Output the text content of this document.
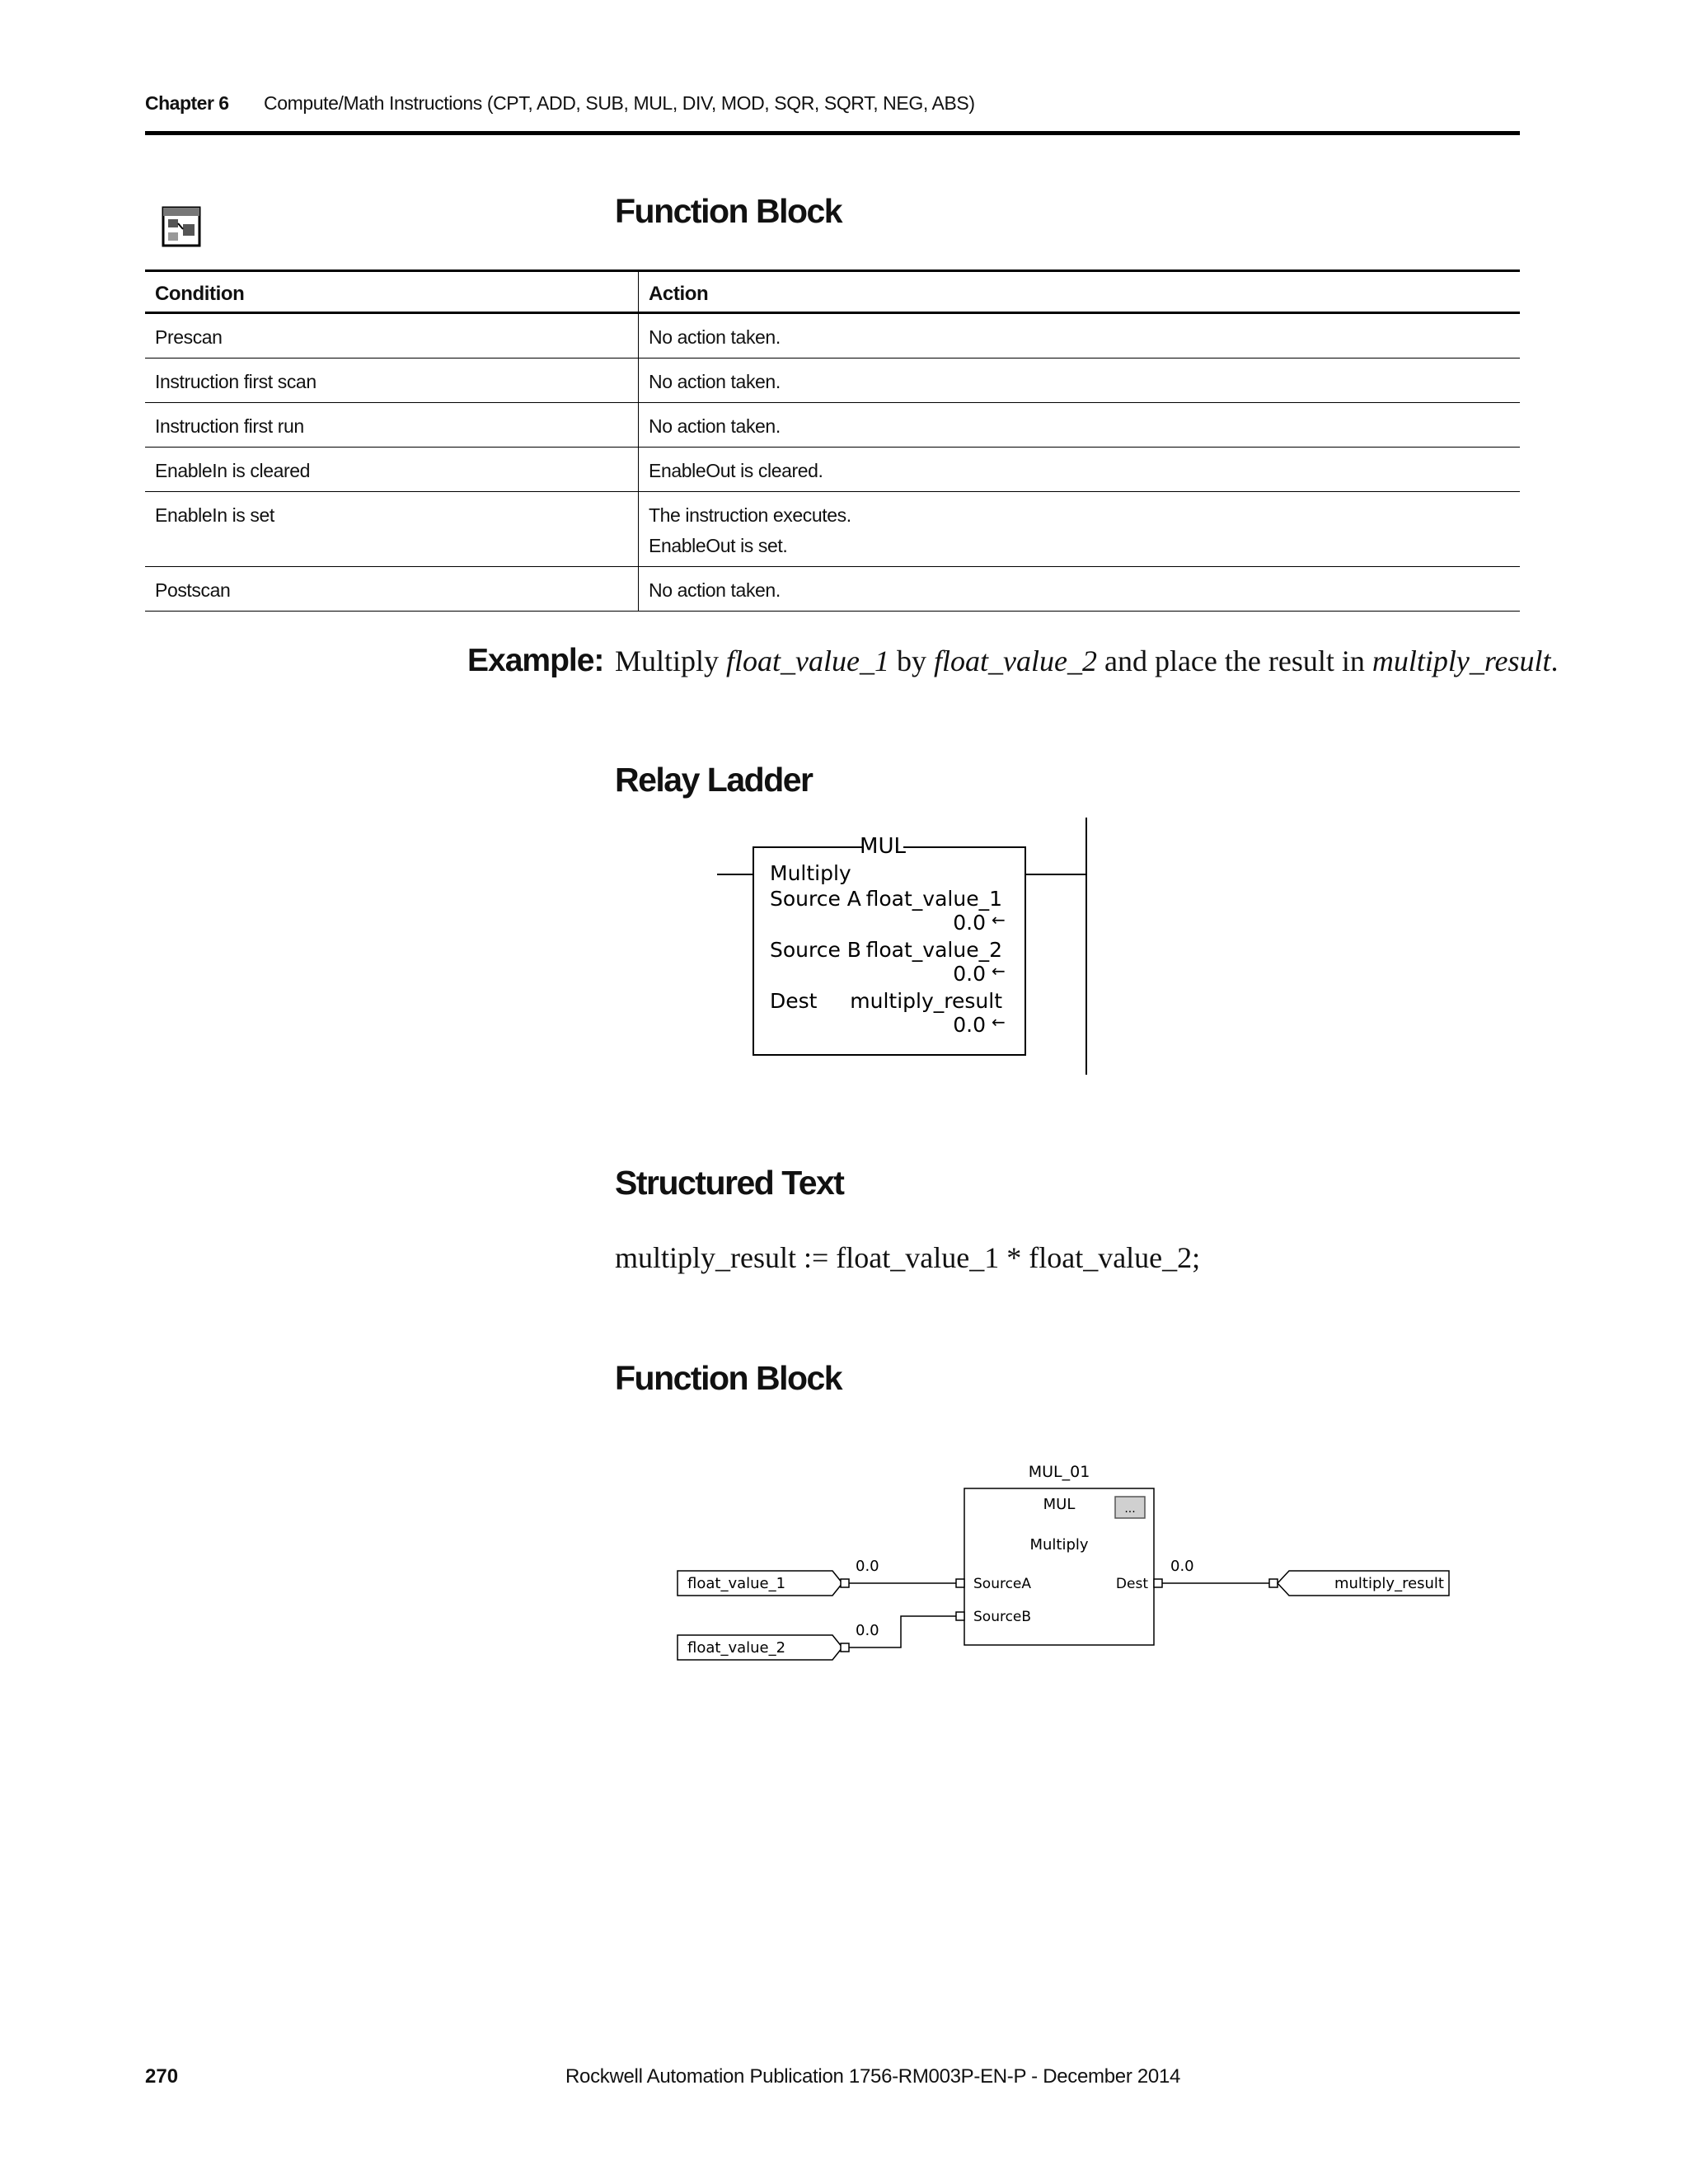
Chapter 6 Compute/Math Instructions (CPT, ADD, SUB, MUL, DIV, MOD, SQR, SQRT, NEG, ABS)
Function Block
Condition	Action
Prescan	No action taken.
Instruction first scan	No action taken.
Instruction first run	No action taken.
EnableIn is cleared	EnableOut is cleared.
EnableIn is set	The instruction executes.
EnableOut is set.

Postscan	No action taken.
Example: Multiply float_value_1 by float_value_2 and place the result in multiply_result.
Relay Ladder
MUL
Multiply
Source A float_value_1
0.0 ←
Source B float_value_2
0.0 ←
Dest multiply_result
0.0 ←
Structured Text
multiply_result := float_value_1 * float_value_2;
Function Block
MUL_01
MUL	...
Multiply
SourceA
SourceB
Dest
float_value_1
0.0
float_value_2
0.0
0.0
multiply_result
270	Rockwell Automation Publication 1756-RM003P-EN-P - December 2014
